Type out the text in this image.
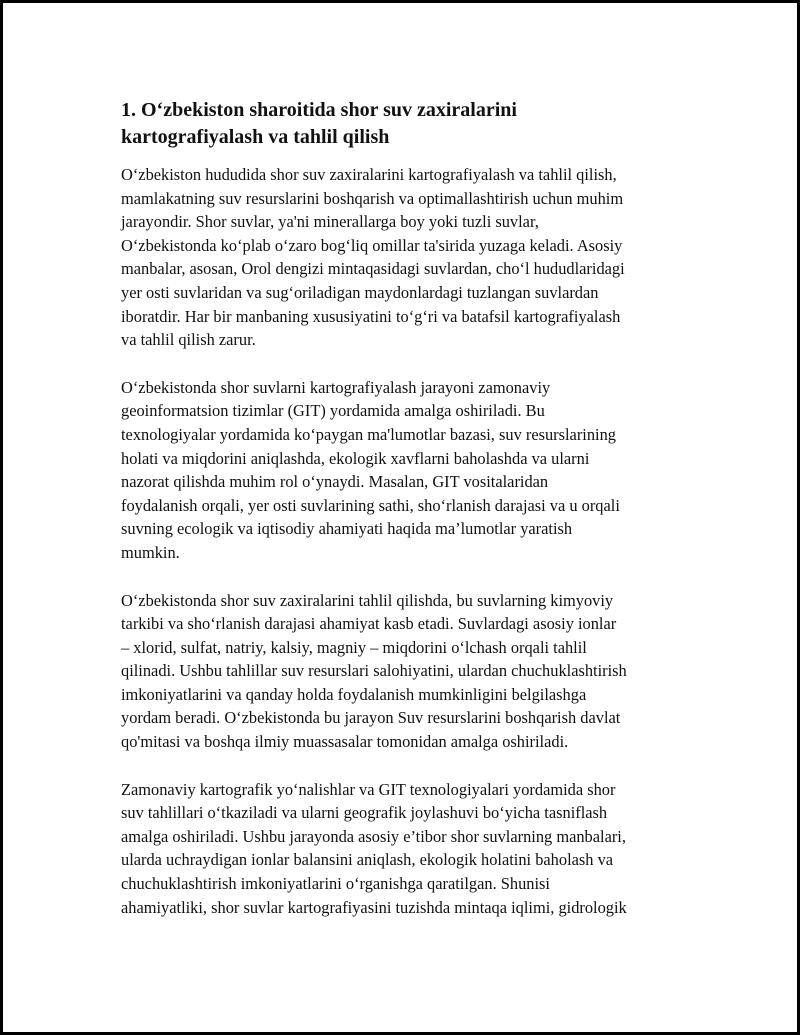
1. O‘zbekiston sharoitida shor suv zaxiralarini
kartografiyalash va tahlil qilish

O‘zbekiston hududida shor suv zaxiralarini kartografiyalash va tahlil qilish,
mamlakatning suv resurslarini boshqarish va optimallashtirish uchun muhim
jarayondir. Shor suvlar, ya'ni minerallarga boy yoki tuzli suvlar,
O‘zbekistonda ko‘plab o‘zaro bog‘liq omillar ta'sirida yuzaga keladi. Asosiy
manbalar, asosan, Orol dengizi mintaqasidagi suvlardan, cho‘l hududlaridagi
yer osti suvlaridan va sug‘oriladigan maydonlardagi tuzlangan suvlardan
iboratdir. Har bir manbaning xususiyatini to‘g‘ri va batafsil kartografiyalash
va tahlil qilish zarur.

O‘zbekistonda shor suvlarni kartografiyalash jarayoni zamonaviy
geoinformatsion tizimlar (GIT) yordamida amalga oshiriladi. Bu
texnologiyalar yordamida ko‘paygan ma'lumotlar bazasi, suv resurslarining
holati va miqdorini aniqlashda, ekologik xavflarni baholashda va ularni
nazorat qilishda muhim rol o‘ynaydi. Masalan, GIT vositalaridan
foydalanish orqali, yer osti suvlarining sathi, sho‘rlanish darajasi va u orqali
suvning ecologik va iqtisodiy ahamiyati haqida ma’lumotlar yaratish
mumkin.

O‘zbekistonda shor suv zaxiralarini tahlil qilishda, bu suvlarning kimyoviy
tarkibi va sho‘rlanish darajasi ahamiyat kasb etadi. Suvlardagi asosiy ionlar
– xlorid, sulfat, natriy, kalsiy, magniy – miqdorini o‘lchash orqali tahlil
qilinadi. Ushbu tahlillar suv resurslari salohiyatini, ulardan chuchuklashtirish
imkoniyatlarini va qanday holda foydalanish mumkinligini belgilashga
yordam beradi. O‘zbekistonda bu jarayon Suv resurslarini boshqarish davlat
qo'mitasi va boshqa ilmiy muassasalar tomonidan amalga oshiriladi.

Zamonaviy kartografik yo‘nalishlar va GIT texnologiyalari yordamida shor
suv tahlillari o‘tkaziladi va ularni geografik joylashuvi bo‘yicha tasniflash
amalga oshiriladi. Ushbu jarayonda asosiy e’tibor shor suvlarning manbalari,
ularda uchraydigan ionlar balansini aniqlash, ekologik holatini baholash va
chuchuklashtirish imkoniyatlarini o‘rganishga qaratilgan. Shunisi
ahamiyatliki, shor suvlar kartografiyasini tuzishda mintaqa iqlimi, gidrologik
